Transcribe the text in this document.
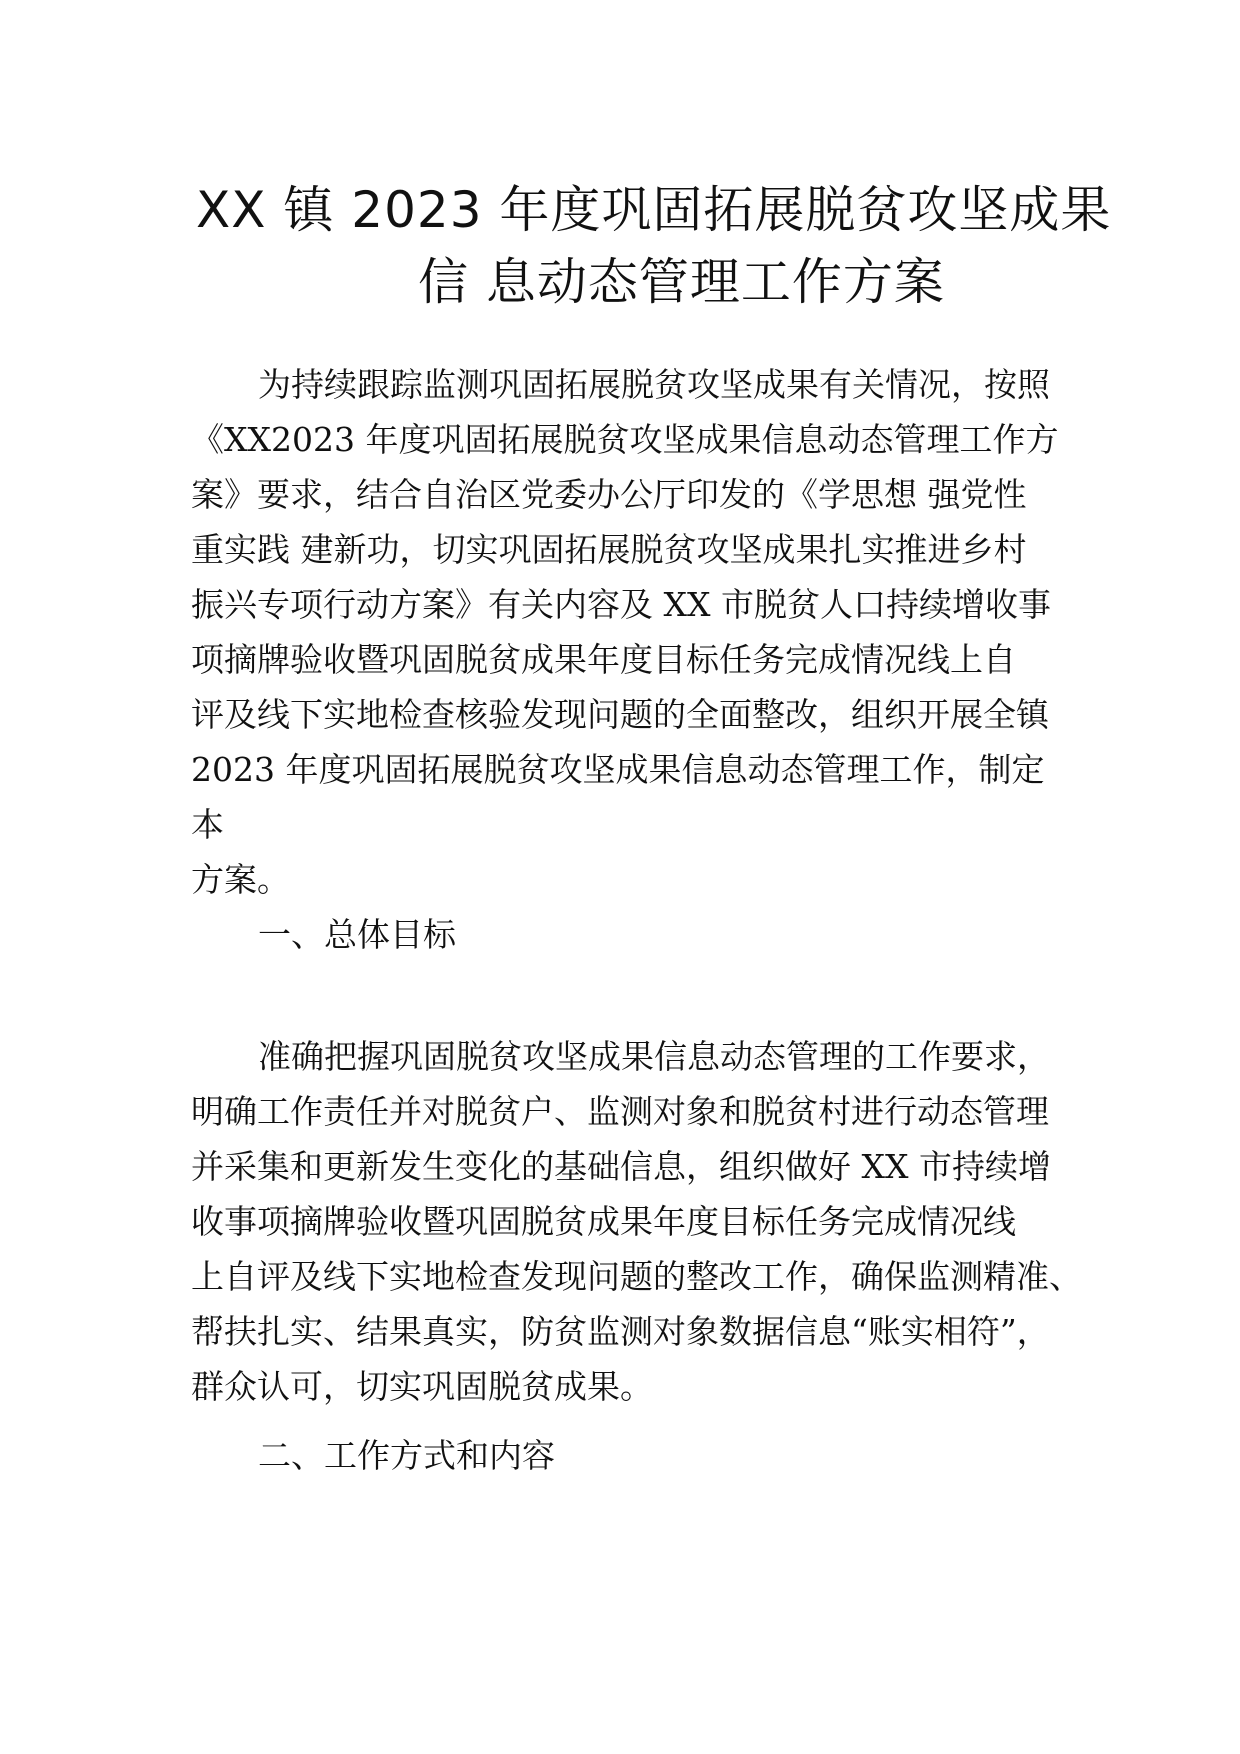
XX 镇 2023 年度巩固拓展脱贫攻坚成果
信 息动态管理工作方案
为持续跟踪监测巩固拓展脱贫攻坚成果有关情况，按照
《XX2023 年度巩固拓展脱贫攻坚成果信息动态管理工作方
案》要求，结合自治区党委办公厅印发的《学思想 强党性
重实践 建新功，切实巩固拓展脱贫攻坚成果扎实推进乡村
振兴专项行动方案》有关内容及 XX 市脱贫人口持续增收事
项摘牌验收暨巩固脱贫成果年度目标任务完成情况线上自
评及线下实地检查核验发现问题的全面整改，组织开展全镇
2023 年度巩固拓展脱贫攻坚成果信息动态管理工作，制定
本
方案。
一、总体目标
准确把握巩固脱贫攻坚成果信息动态管理的工作要求，
明确工作责任并对脱贫户、监测对象和脱贫村进行动态管理
并采集和更新发生变化的基础信息，组织做好 XX 市持续增
收事项摘牌验收暨巩固脱贫成果年度目标任务完成情况线
上自评及线下实地检查发现问题的整改工作，确保监测精准、
帮扶扎实、结果真实，防贫监测对象数据信息“账实相符”，
群众认可，切实巩固脱贫成果。
二、工作方式和内容
